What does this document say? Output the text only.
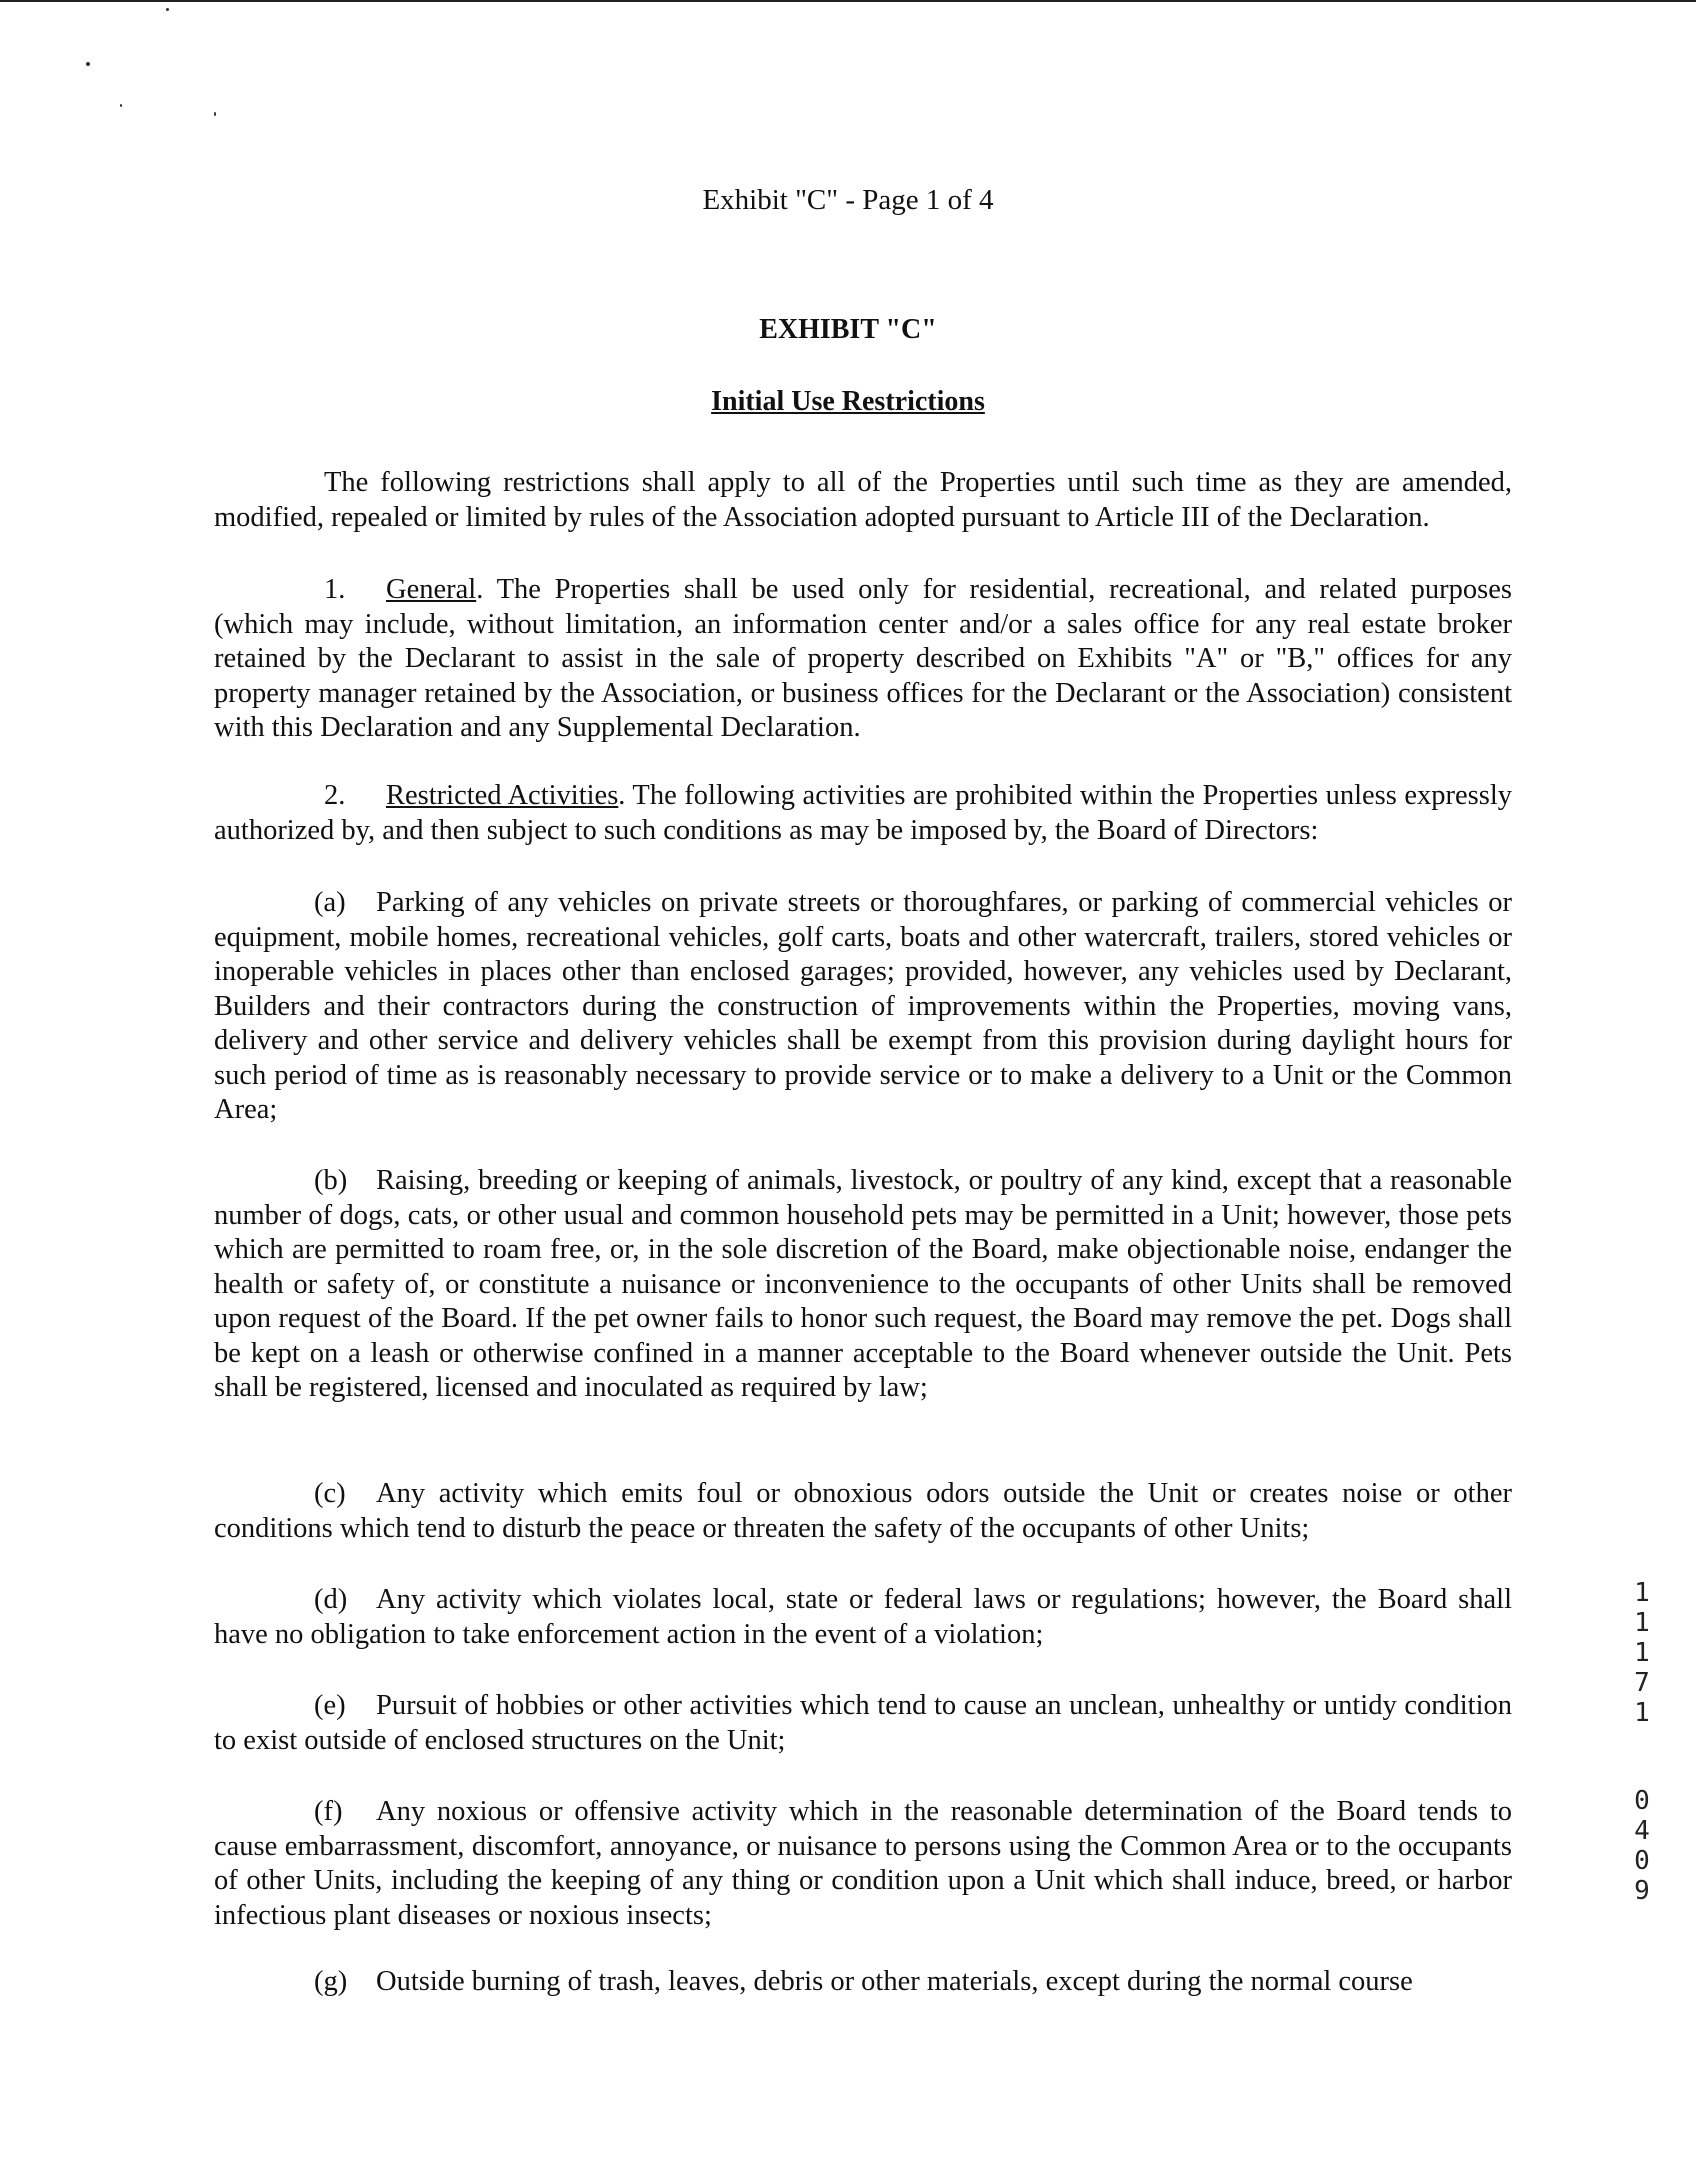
Exhibit "C" - Page 1 of 4
EXHIBIT "C"
Initial Use Restrictions
The following restrictions shall apply to all of the Properties until such time as they are amended, modified, repealed or limited by rules of the Association adopted pursuant to Article III of the Declaration.
1. General. The Properties shall be used only for residential, recreational, and related purposes (which may include, without limitation, an information center and/or a sales office for any real estate broker retained by the Declarant to assist in the sale of property described on Exhibits "A" or "B," offices for any property manager retained by the Association, or business offices for the Declarant or the Association) consistent with this Declaration and any Supplemental Declaration.
2. Restricted Activities. The following activities are prohibited within the Properties unless expressly authorized by, and then subject to such conditions as may be imposed by, the Board of Directors:
(a) Parking of any vehicles on private streets or thoroughfares, or parking of commercial vehicles or equipment, mobile homes, recreational vehicles, golf carts, boats and other watercraft, trailers, stored vehicles or inoperable vehicles in places other than enclosed garages; provided, however, any vehicles used by Declarant, Builders and their contractors during the construction of improvements within the Properties, moving vans, delivery and other service and delivery vehicles shall be exempt from this provision during daylight hours for such period of time as is reasonably necessary to provide service or to make a delivery to a Unit or the Common Area;
(b) Raising, breeding or keeping of animals, livestock, or poultry of any kind, except that a reasonable number of dogs, cats, or other usual and common household pets may be permitted in a Unit; however, those pets which are permitted to roam free, or, in the sole discretion of the Board, make objectionable noise, endanger the health or safety of, or constitute a nuisance or inconvenience to the occupants of other Units shall be removed upon request of the Board. If the pet owner fails to honor such request, the Board may remove the pet. Dogs shall be kept on a leash or otherwise confined in a manner acceptable to the Board whenever outside the Unit. Pets shall be registered, licensed and inoculated as required by law;
(c) Any activity which emits foul or obnoxious odors outside the Unit or creates noise or other conditions which tend to disturb the peace or threaten the safety of the occupants of other Units;
(d) Any activity which violates local, state or federal laws or regulations; however, the Board shall have no obligation to take enforcement action in the event of a violation;
(e) Pursuit of hobbies or other activities which tend to cause an unclean, unhealthy or untidy condition to exist outside of enclosed structures on the Unit;
(f) Any noxious or offensive activity which in the reasonable determination of the Board tends to cause embarrassment, discomfort, annoyance, or nuisance to persons using the Common Area or to the occupants of other Units, including the keeping of any thing or condition upon a Unit which shall induce, breed, or harbor infectious plant diseases or noxious insects;
(g) Outside burning of trash, leaves, debris or other materials, except during the normal course
1 1 1 7 1
0 4 0 9
